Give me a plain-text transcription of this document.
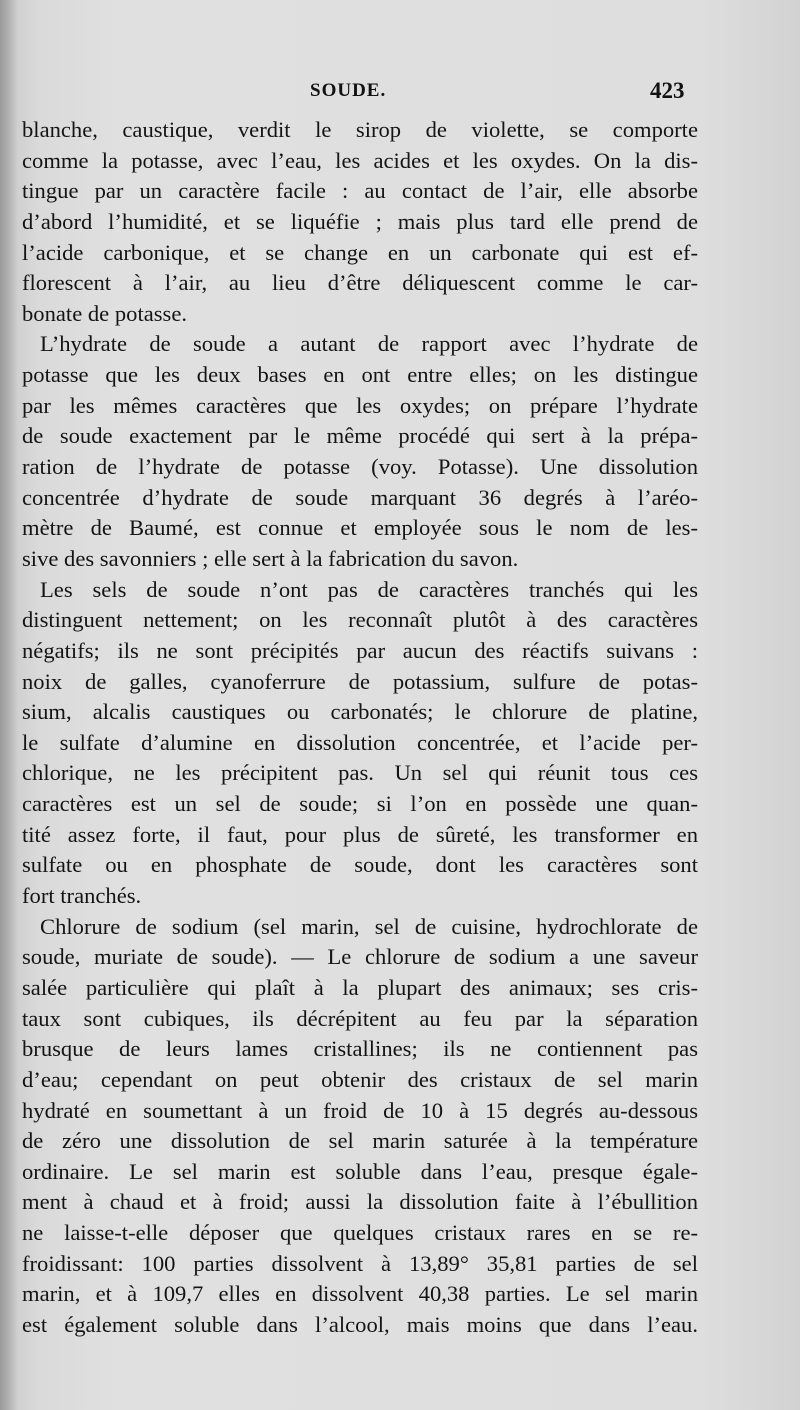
SOUDE.	423
blanche, caustique, verdit le sirop de violette, se comporte
comme la potasse, avec l’eau, les acides et les oxydes. On la dis-
tingue par un caractère facile : au contact de l’air, elle absorbe
d’abord l’humidité, et se liquéfie ; mais plus tard elle prend de
l’acide carbonique, et se change en un carbonate qui est ef-
florescent à l’air, au lieu d’être déliquescent comme le car-
bonate de potasse.
L’hydrate de soude a autant de rapport avec l’hydrate de
potasse que les deux bases en ont entre elles; on les distingue
par les mêmes caractères que les oxydes; on prépare l’hydrate
de soude exactement par le même procédé qui sert à la prépa-
ration de l’hydrate de potasse (voy. Potasse). Une dissolution
concentrée d’hydrate de soude marquant 36 degrés à l’aréo-
mètre de Baumé, est connue et employée sous le nom de les-
sive des savonniers ; elle sert à la fabrication du savon.
Les sels de soude n’ont pas de caractères tranchés qui les
distinguent nettement; on les reconnaît plutôt à des caractères
négatifs; ils ne sont précipités par aucun des réactifs suivans :
noix de galles, cyanoferrure de potassium, sulfure de potas-
sium, alcalis caustiques ou carbonatés; le chlorure de platine,
le sulfate d’alumine en dissolution concentrée, et l’acide per-
chlorique, ne les précipitent pas. Un sel qui réunit tous ces
caractères est un sel de soude; si l’on en possède une quan-
tité assez forte, il faut, pour plus de sûreté, les transformer en
sulfate ou en phosphate de soude, dont les caractères sont
fort tranchés.
Chlorure de sodium (sel marin, sel de cuisine, hydrochlorate de
soude, muriate de soude). — Le chlorure de sodium a une saveur
salée particulière qui plaît à la plupart des animaux; ses cris-
taux sont cubiques, ils décrépitent au feu par la séparation
brusque de leurs lames cristallines; ils ne contiennent pas
d’eau; cependant on peut obtenir des cristaux de sel marin
hydraté en soumettant à un froid de 10 à 15 degrés au-dessous
de zéro une dissolution de sel marin saturée à la température
ordinaire. Le sel marin est soluble dans l’eau, presque égale-
ment à chaud et à froid; aussi la dissolution faite à l’ébullition
ne laisse-t-elle déposer que quelques cristaux rares en se re-
froidissant: 100 parties dissolvent à 13,89° 35,81 parties de sel
marin, et à 109,7 elles en dissolvent 40,38 parties. Le sel marin
est également soluble dans l’alcool, mais moins que dans l’eau.
